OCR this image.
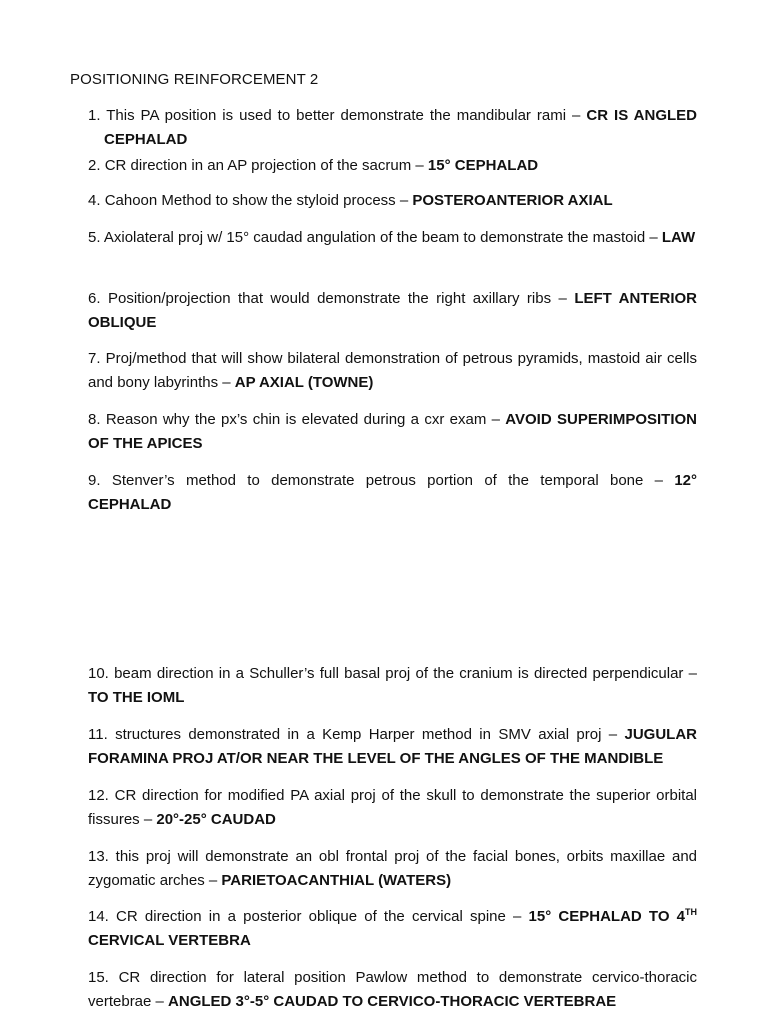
POSITIONING REINFORCEMENT 2

1. This PA position is used to better demonstrate the mandibular rami – CR IS ANGLED CEPHALAD

2. CR direction in an AP projection of the sacrum – 15° CEPHALAD

4. Cahoon Method to show the styloid process – POSTEROANTERIOR AXIAL

5. Axiolateral proj w/ 15° caudad angulation of the beam to demonstrate the mastoid – LAW

6. Position/projection that would demonstrate the right axillary ribs – LEFT ANTERIOR OBLIQUE

7. Proj/method that will show bilateral demonstration of petrous pyramids, mastoid air cells and bony labyrinths – AP AXIAL (TOWNE)

8. Reason why the px’s chin is elevated during a cxr exam – AVOID SUPERIMPOSITION OF THE APICES

9. Stenver’s method to demonstrate petrous portion of the temporal bone – 12° CEPHALAD

10. beam direction in a Schuller’s full basal proj of the cranium is directed perpendicular – TO THE IOML

11. structures demonstrated in a Kemp Harper method in SMV axial proj – JUGULAR FORAMINA PROJ AT/OR NEAR THE LEVEL OF THE ANGLES OF THE MANDIBLE

12. CR direction for modified PA axial proj of the skull to demonstrate the superior orbital fissures – 20°-25° CAUDAD

13. this proj will demonstrate an obl frontal proj of the facial bones, orbits maxillae and zygomatic arches – PARIETOACANTHIAL (WATERS)

14. CR direction in a posterior oblique of the cervical spine – 15° CEPHALAD TO 4TH CERVICAL VERTEBRA

15. CR direction for lateral position Pawlow method to demonstrate cervico-thoracic vertebrae – ANGLED 3°-5° CAUDAD TO CERVICO-THORACIC VERTEBRAE
